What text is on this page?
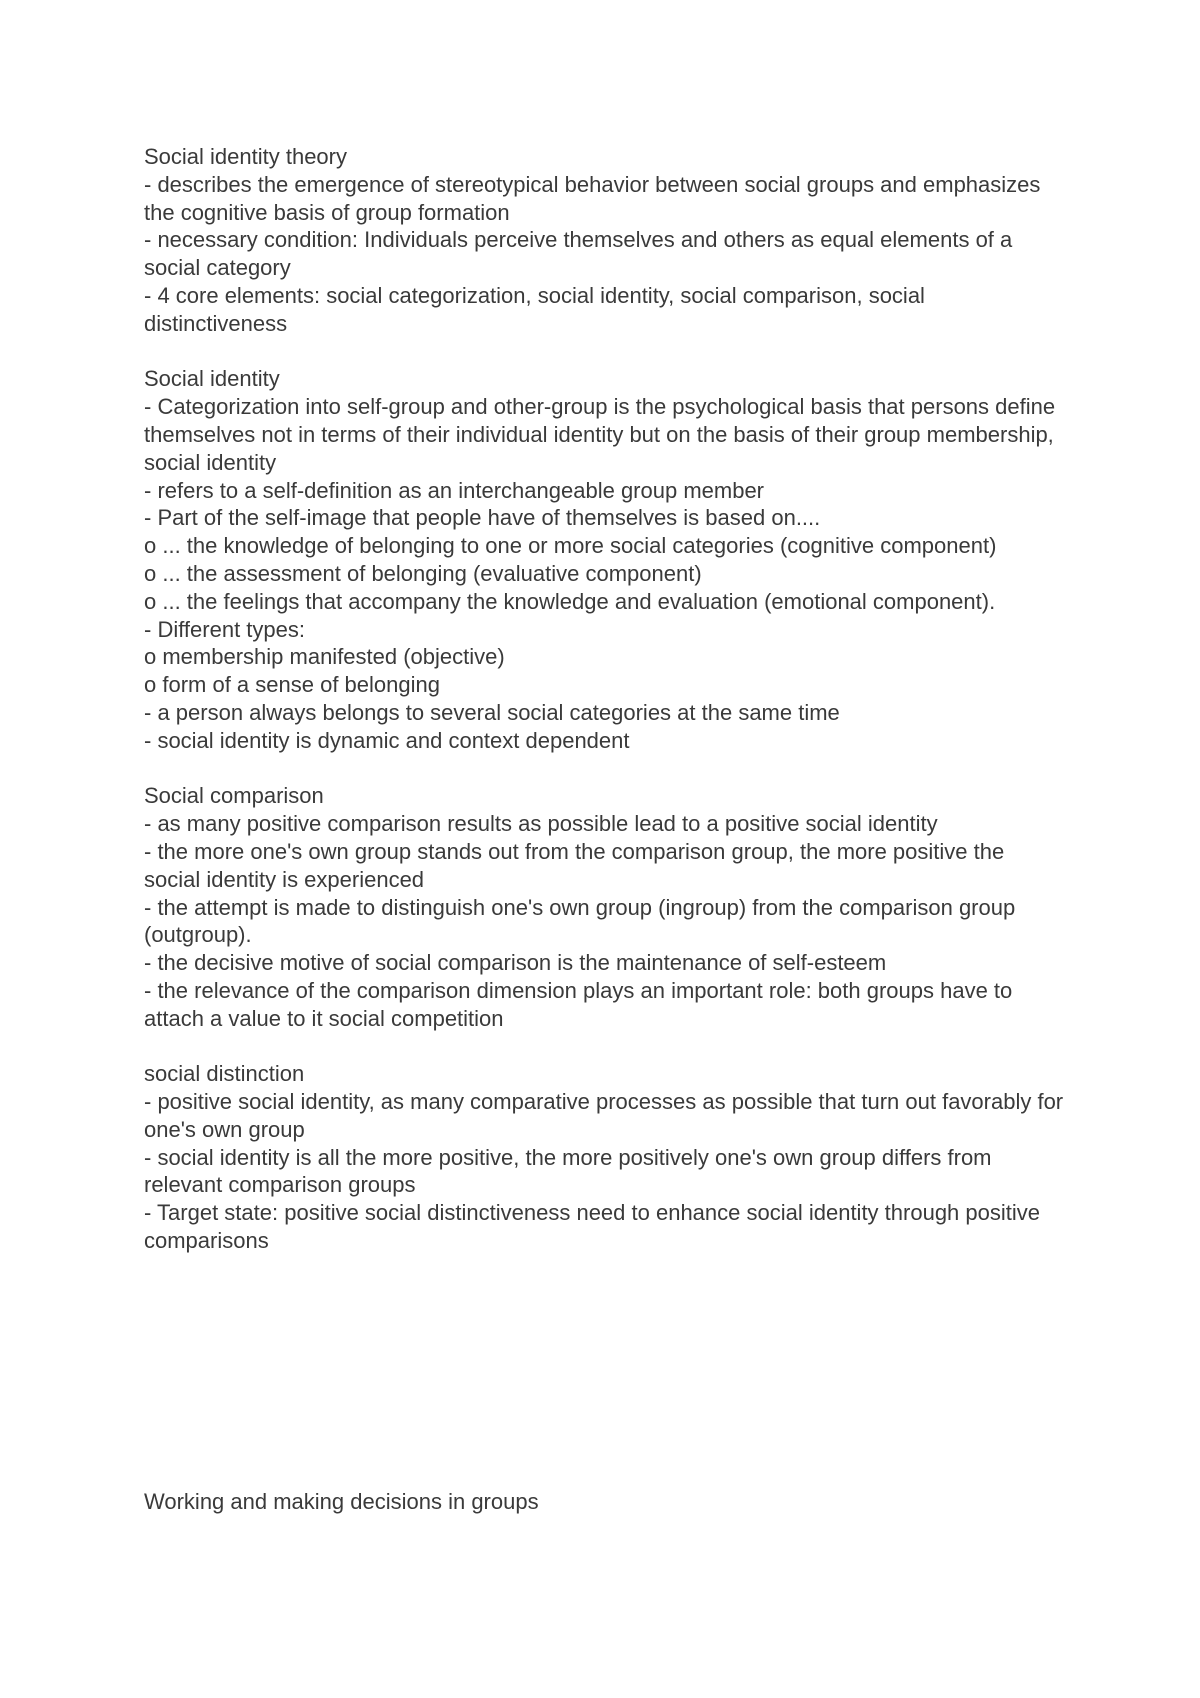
Social identity theory
- describes the emergence of stereotypical behavior between social groups and emphasizes the cognitive basis of group formation
- necessary condition: Individuals perceive themselves and others as equal elements of a social category
- 4 core elements: social categorization, social identity, social comparison, social distinctiveness
Social identity
- Categorization into self-group and other-group is the psychological basis that persons define themselves not in terms of their individual identity but on the basis of their group membership, social identity
- refers to a self-definition as an interchangeable group member
- Part of the self-image that people have of themselves is based on....
o ... the knowledge of belonging to one or more social categories (cognitive component)
o ... the assessment of belonging (evaluative component)
o ... the feelings that accompany the knowledge and evaluation (emotional component).
- Different types:
o membership manifested (objective)
o form of a sense of belonging
- a person always belongs to several social categories at the same time
- social identity is dynamic and context dependent
Social comparison
- as many positive comparison results as possible lead to a positive social identity
- the more one's own group stands out from the comparison group, the more positive the social identity is experienced
- the attempt is made to distinguish one's own group (ingroup) from the comparison group (outgroup).
- the decisive motive of social comparison is the maintenance of self-esteem
- the relevance of the comparison dimension plays an important role: both groups have to attach a value to it social competition
social distinction
- positive social identity, as many comparative processes as possible that turn out favorably for one's own group
- social identity is all the more positive, the more positively one's own group differs from relevant comparison groups
- Target state: positive social distinctiveness need to enhance social identity through positive comparisons
Working and making decisions in groups
